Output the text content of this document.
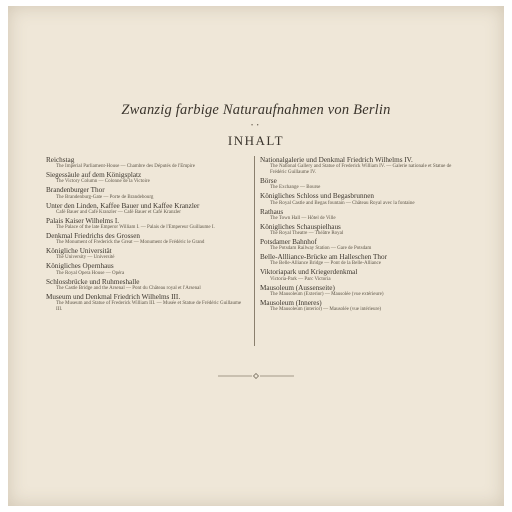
Zwanzig farbige Naturaufnahmen von Berlin
• •
INHALT
Reichstag
The Imperial Parliament-House — Chambre des Députés de l'Empire
Siegessäule auf dem Königsplatz
The Victory Column — Colonne de la Victoire
Brandenburger Thor
The Brandenburg-Gate — Porte de Brandebourg
Unter den Linden, Kaffee Bauer und Kaffee Kranzler
Café Bauer and Café Kranzler — Café Bauer et Café Kranzler
Palais Kaiser Wilhelms I.
The Palace of the late Emperor William I. — Palais de l'Empereur Guillaume I.
Denkmal Friedrichs des Grossen
The Monument of Frederick the Great — Monument de Frédéric le Grand
Königliche Universität
The University — Université
Königliches Opernhaus
The Royal Opera House — Opéra
Schlossbrücke und Ruhmeshalle
The Castle Bridge and the Arsenal — Pont du Château royal et l'Arsenal
Museum und Denkmal Friedrich Wilhelms III.
The Museum and Statue of Frederick William III. — Musée et Statue de Frédéric Guillaume III.
Nationalgalerie und Denkmal Friedrich Wilhelms IV.
The National Gallery and Statue of Frederick William IV. — Galerie nationale et Statue de Frédéric Guillaume IV.
Börse
The Exchange — Bourse
Königliches Schloss und Begasbrunnen
The Royal Castle and Begas fountain — Château Royal avec la fontaine
Rathaus
The Town Hall — Hôtel de Ville
Königliches Schauspielhaus
The Royal Theatre — Théâtre Royal
Potsdamer Bahnhof
The Potsdam Railway Station — Gare de Potsdam
Belle-Allliance-Brücke am Halleschen Thor
The Belle-Alliance Bridge — Pont de la Belle-Alliance
Viktoriapark und Kriegerdenkmal
Victoria-Park — Parc Victoria
Mausoleum (Aussenseite)
The Mausoleum (Exterior) — Mausolée (vue extérieure)
Mausoleum (Inneres)
The Mausoleum (interior) — Mausolée (vue intérieure)
